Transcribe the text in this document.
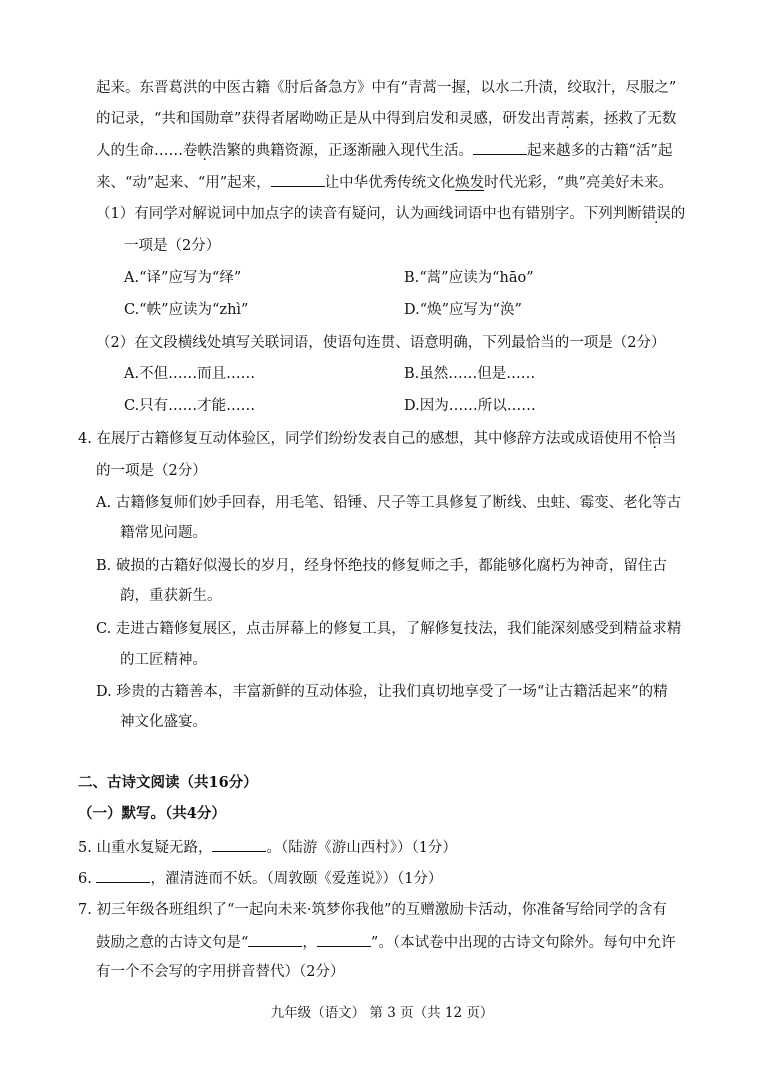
起来。东晋葛洪的中医古籍《肘后备急方》中有“青蒿一握，以水二升渍，绞取汁，尽服之”
的记录，“共和国勋章”获得者屠呦呦正是从中得到启发和灵感，研发出青蒿素，拯救了无数
人的生命……卷帙浩繁的典籍资源，正逐渐融入现代生活。	起来越多的古籍“活”起
来、“动”起来、“用”起来，	让中华优秀传统文化焕发时代光彩，“典”亮美好未来。
（1）有同学对解说词中加点字的读音有疑问，认为画线词语中也有错别字。下列判断错误的
一项是（2分）
A.“译”应写为“绎”	B.“蒿”应读为“hāo”
C.“帙”应读为“zhì”	D.“焕”应写为“涣”
（2）在文段横线处填写关联词语，使语句连贯、语意明确，下列最恰当的一项是（2分）
A.不但……而且……	B.虽然……但是……
C.只有……才能……	D.因为……所以……
4. 在展厅古籍修复互动体验区，同学们纷纷发表自己的感想，其中修辞方法或成语使用不恰当
的一项是（2分）
A. 古籍修复师们妙手回春，用毛笔、铅锤、尺子等工具修复了断线、虫蛀、霉变、老化等古
籍常见问题。
B. 破损的古籍好似漫长的岁月，经身怀绝技的修复师之手，都能够化腐朽为神奇，留住古
韵，重获新生。
C. 走进古籍修复展区，点击屏幕上的修复工具，了解修复技法，我们能深刻感受到精益求精
的工匠精神。
D. 珍贵的古籍善本，丰富新鲜的互动体验，让我们真切地享受了一场“让古籍活起来”的精
神文化盛宴。
二、古诗文阅读（共16分）
（一）默写。（共4分）
5. 山重水复疑无路，	。（陆游《游山西村》）（1分）
6.	，濯清涟而不妖。（周敦颐《爱莲说》）（1分）
7. 初三年级各班组织了“一起向未来·筑梦你我他”的互赠激励卡活动，你准备写给同学的含有
鼓励之意的古诗文句是“	，	”。（本试卷中出现的古诗文句除外。每句中允许
有一个不会写的字用拼音替代）（2分）
九年级（语文） 第 3 页（共 12 页）
